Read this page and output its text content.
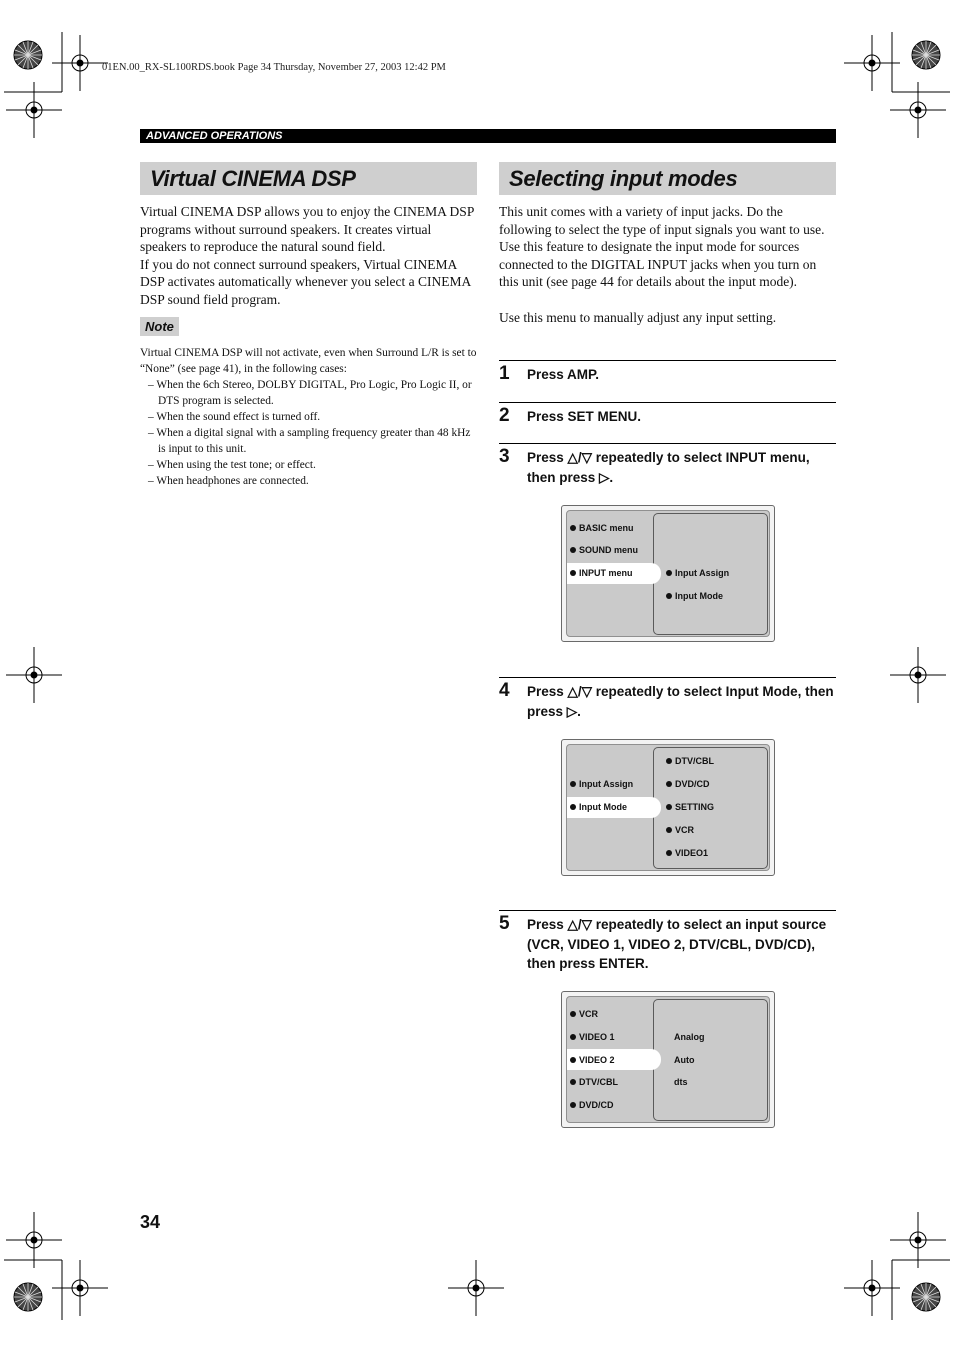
01EN.00_RX-SL100RDS.book Page 34 Thursday, November 27, 2003 12:42 PM
ADVANCED OPERATIONS
Virtual CINEMA DSP

Virtual CINEMA DSP allows you to enjoy the CINEMA DSP programs without surround speakers. It creates virtual speakers to reproduce the natural sound field.

If you do not connect surround speakers, Virtual CINEMA DSP activates automatically whenever you select a CINEMA DSP sound field program.

Note
Virtual CINEMA DSP will not activate, even when Surround L/R is set to “None” (see page 41), in the following cases:
– When the 6ch Stereo, DOLBY DIGITAL, Pro Logic, Pro Logic II, or DTS program is selected.
– When the sound effect is turned off.
– When a digital signal with a sampling frequency greater than 48 kHz is input to this unit.
– When using the test tone; or effect.
– When headphones are connected.
Selecting input modes

This unit comes with a variety of input jacks. Do the following to select the type of input signals you want to use.

Use this feature to designate the input mode for sources connected to the DIGITAL INPUT jacks when you turn on this unit (see page 44 for details about the input mode).

Use this menu to manually adjust any input setting.

1 Press AMP.
2 Press SET MENU.
3 Press △/▽ repeatedly to select INPUT menu, then press ▷.
BASIC menu
SOUND menu
INPUT menu	Input Assign
Input Mode
4 Press △/▽ repeatedly to select Input Mode, then press ▷.
Input Assign
Input Mode
DTV/CBL
DVD/CD
SETTING
VCR
VIDEO1
5 Press △/▽ repeatedly to select an input source (VCR, VIDEO 1, VIDEO 2, DTV/CBL, DVD/CD), then press ENTER.
VCR
VIDEO 1
VIDEO 2
DTV/CBL
DVD/CD
Analog
Auto
dts
34
